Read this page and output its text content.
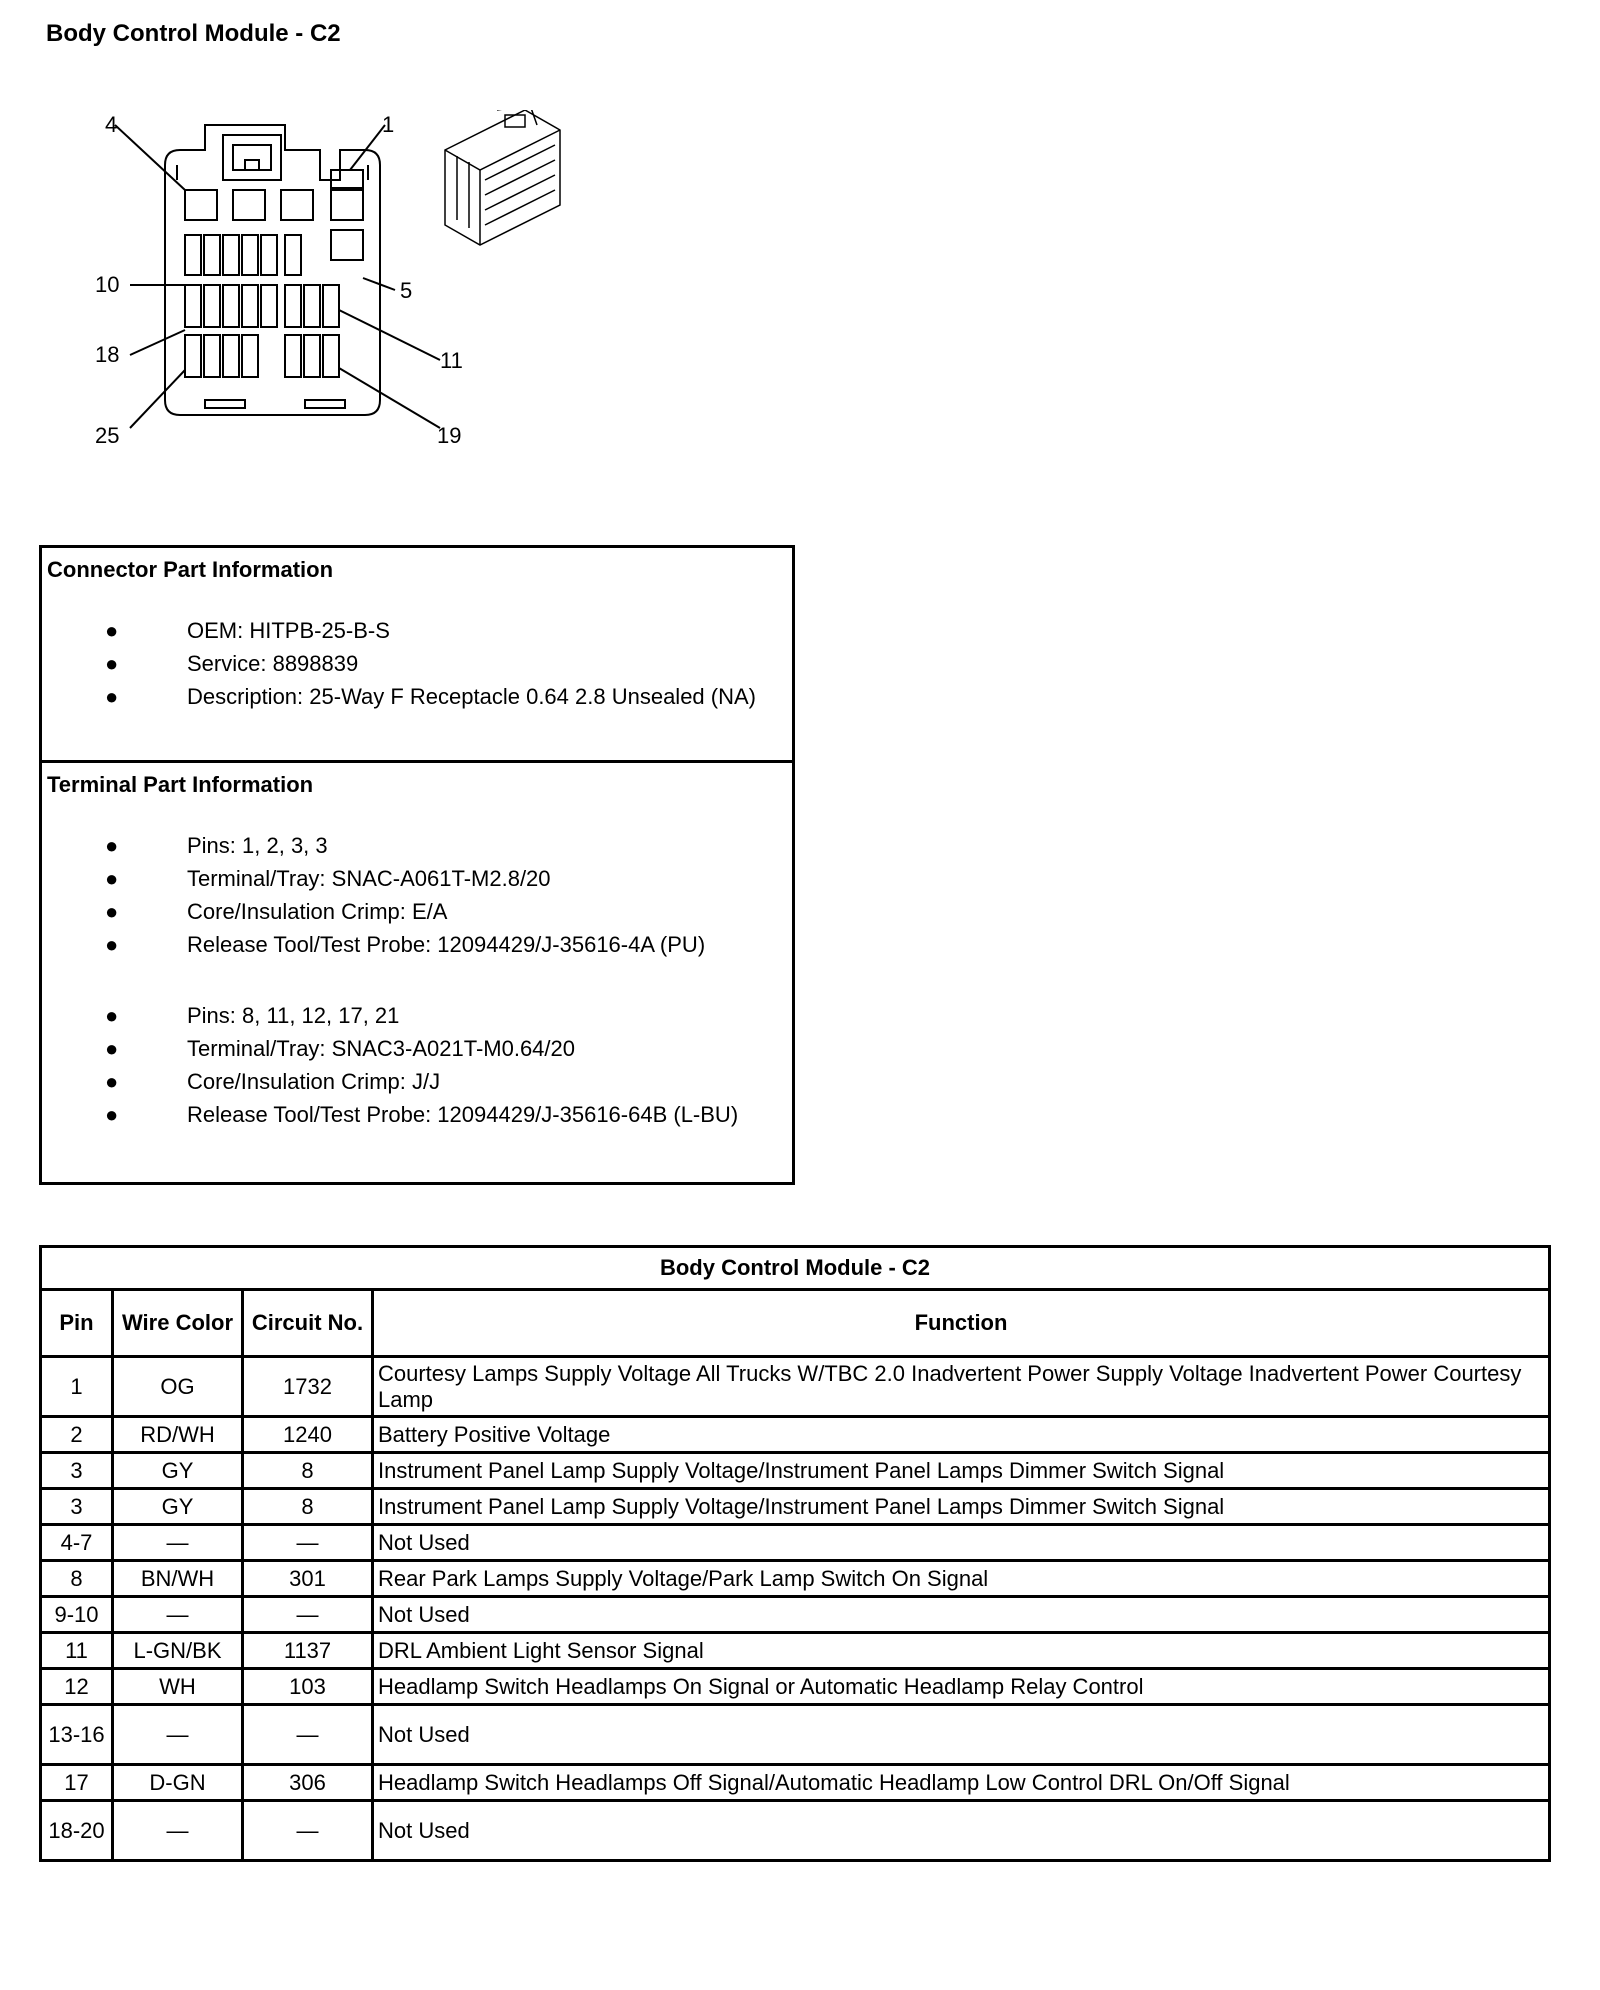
Body Control Module - C2
4	1
10	5
18	11
25	19
Connector Part Information
●	OEM: HITPB-25-B-S
●	Service: 8898839
●	Description: 25-Way F Receptacle 0.64 2.8 Unsealed (NA)
Terminal Part Information
●	Pins: 1, 2, 3, 3
●	Terminal/Tray: SNAC-A061T-M2.8/20
●	Core/Insulation Crimp: E/A
●	Release Tool/Test Probe: 12094429/J-35616-4A (PU)
●	Pins: 8, 11, 12, 17, 21
●	Terminal/Tray: SNAC3-A021T-M0.64/20
●	Core/Insulation Crimp: J/J
●	Release Tool/Test Probe: 12094429/J-35616-64B (L-BU)
Body Control Module - C2			
Pin	Wire Color	Circuit No.	Function
1	OG	1732	Courtesy Lamps Supply Voltage All Trucks W/TBC 2.0 Inadvertent Power Supply Voltage Inadvertent Power Courtesy Lamp
2	RD/WH	1240	Battery Positive Voltage
3	GY	8	Instrument Panel Lamp Supply Voltage/Instrument Panel Lamps Dimmer Switch Signal
3	GY	8	Instrument Panel Lamp Supply Voltage/Instrument Panel Lamps Dimmer Switch Signal
4-7	—	—	Not Used
8	BN/WH	301	Rear Park Lamps Supply Voltage/Park Lamp Switch On Signal
9-10	—	—	Not Used
11	L-GN/BK	1137	DRL Ambient Light Sensor Signal
12	WH	103	Headlamp Switch Headlamps On Signal or Automatic Headlamp Relay Control
13-16	—	—	Not Used
17	D-GN	306	Headlamp Switch Headlamps Off Signal/Automatic Headlamp Low Control DRL On/Off Signal
18-20	—	—	Not Used
